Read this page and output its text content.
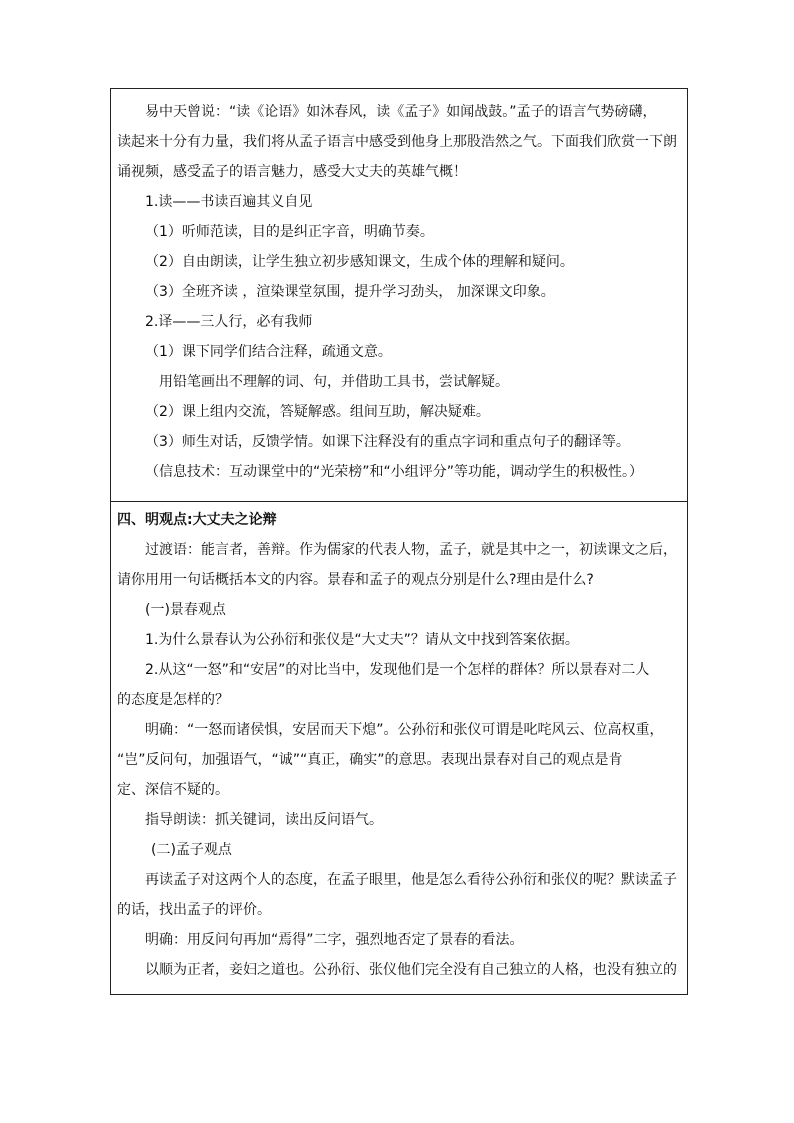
易中天曾说：“读《论语》如沐春风，读《孟子》如闻战鼓。”孟子的语言气势磅礴，
读起来十分有力量，我们将从孟子语言中感受到他身上那股浩然之气。下面我们欣赏一下朗
诵视频，感受孟子的语言魅力，感受大丈夫的英雄气概！
1.读——书读百遍其义自见
（1）听师范读，目的是纠正字音，明确节奏。
（2）自由朗读，让学生独立初步感知课文，生成个体的理解和疑问。
（3）全班齐读 ，渲染课堂氛围，提升学习劲头， 加深课文印象。
2.译——三人行，必有我师
（1）课下同学们结合注释，疏通文意。
用铅笔画出不理解的词、句，并借助工具书，尝试解疑。
（2）课上组内交流，答疑解惑。组间互助，解决疑难。
（3）师生对话，反馈学情。如课下注释没有的重点字词和重点句子的翻译等。
（信息技术：互动课堂中的“光荣榜”和“小组评分”等功能，调动学生的积极性。）
四、明观点:大丈夫之论辩
过渡语：能言者，善辩。作为儒家的代表人物，孟子，就是其中之一，初读课文之后，
请你用用一句话概括本文的内容。景春和孟子的观点分别是什么?理由是什么?
(一)景春观点
1.为什么景春认为公孙衍和张仪是“大丈夫”？请从文中找到答案依据。
2.从这“一怒”和“安居”的对比当中，发现他们是一个怎样的群体？所以景春对二人
的态度是怎样的？
明确：“一怒而诸侯惧，安居而天下熄”。公孙衍和张仪可谓是叱咤风云、位高权重，
“岂”反问句，加强语气，“诚”“真正，确实”的意思。表现出景春对自己的观点是肯
定、深信不疑的。
指导朗读：抓关键词，读出反问语气。
(二)孟子观点
再读孟子对这两个人的态度，在孟子眼里，他是怎么看待公孙衍和张仪的呢？默读孟子
的话，找出孟子的评价。
明确：用反问句再加“焉得”二字，强烈地否定了景春的看法。
以顺为正者，妾妇之道也。公孙衍、张仪他们完全没有自己独立的人格，也没有独立的
